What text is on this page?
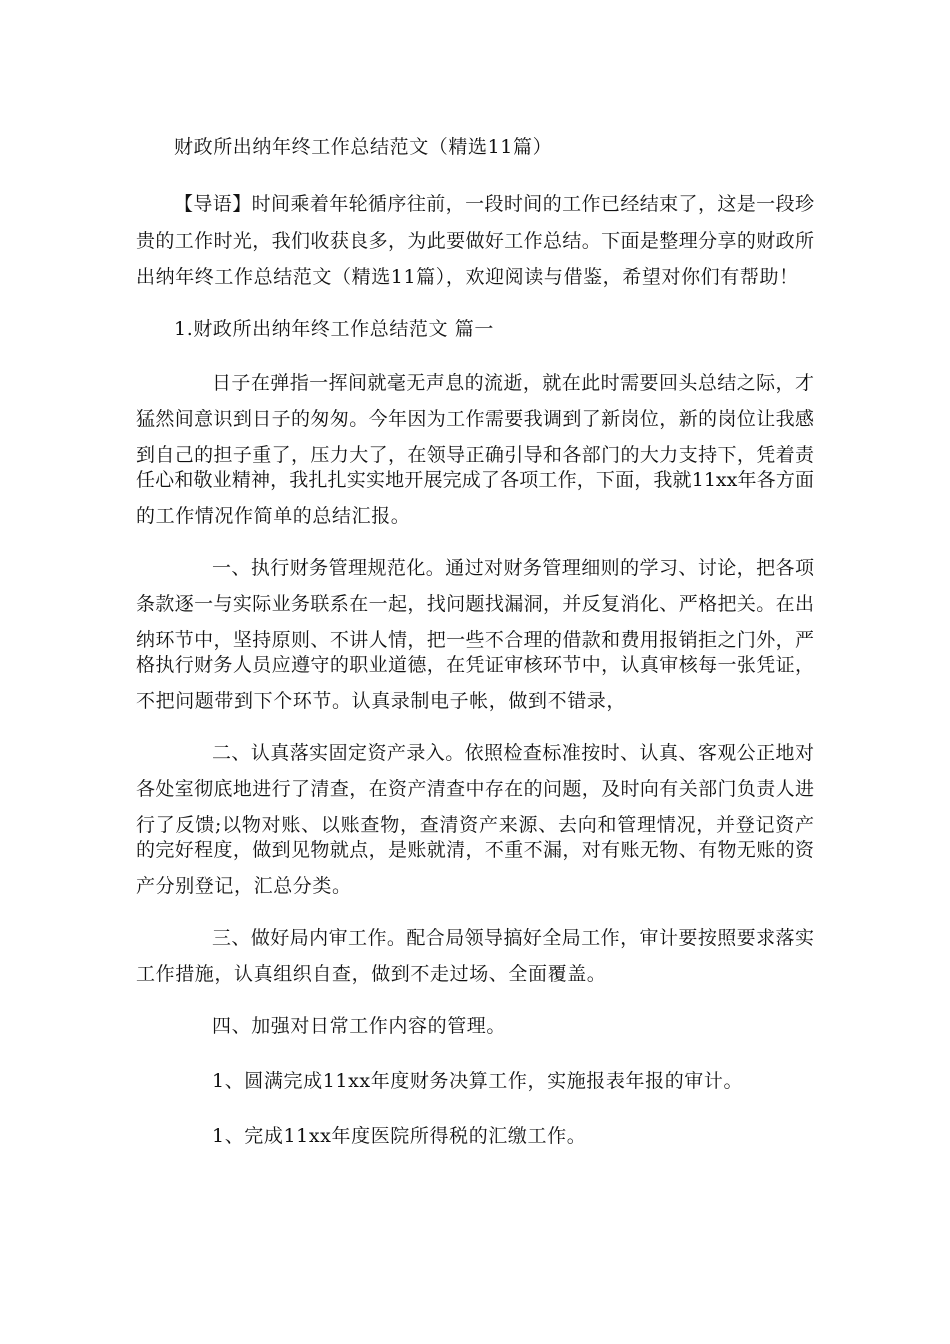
财政所出纳年终工作总结范文（精选11篇）
【导语】时间乘着年轮循序往前，一段时间的工作已经结束了，这是一段珍
贵的工作时光，我们收获良多，为此要做好工作总结。下面是整理分享的财政所
出纳年终工作总结范文（精选11篇），欢迎阅读与借鉴，希望对你们有帮助！
1.财政所出纳年终工作总结范文 篇一
日子在弹指一挥间就毫无声息的流逝，就在此时需要回头总结之际，才
猛然间意识到日子的匆匆。今年因为工作需要我调到了新岗位，新的岗位让我感
到自己的担子重了，压力大了，在领导正确引导和各部门的大力支持下，凭着责
任心和敬业精神，我扎扎实实地开展完成了各项工作，下面，我就11xx年各方面
的工作情况作简单的总结汇报。
一、执行财务管理规范化。通过对财务管理细则的学习、讨论，把各项
条款逐一与实际业务联系在一起，找问题找漏洞，并反复消化、严格把关。在出
纳环节中，坚持原则、不讲人情，把一些不合理的借款和费用报销拒之门外，严
格执行财务人员应遵守的职业道德，在凭证审核环节中，认真审核每一张凭证，
不把问题带到下个环节。认真录制电子帐，做到不错录，
二、认真落实固定资产录入。依照检查标准按时、认真、客观公正地对
各处室彻底地进行了清查，在资产清查中存在的问题，及时向有关部门负责人进
行了反馈;以物对账、以账查物，查清资产来源、去向和管理情况，并登记资产
的完好程度，做到见物就点，是账就清，不重不漏，对有账无物、有物无账的资
产分别登记，汇总分类。
三、做好局内审工作。配合局领导搞好全局工作，审计要按照要求落实
工作措施，认真组织自查，做到不走过场、全面覆盖。
四、加强对日常工作内容的管理。
1、圆满完成11xx年度财务决算工作，实施报表年报的审计。
1、完成11xx年度医院所得税的汇缴工作。
